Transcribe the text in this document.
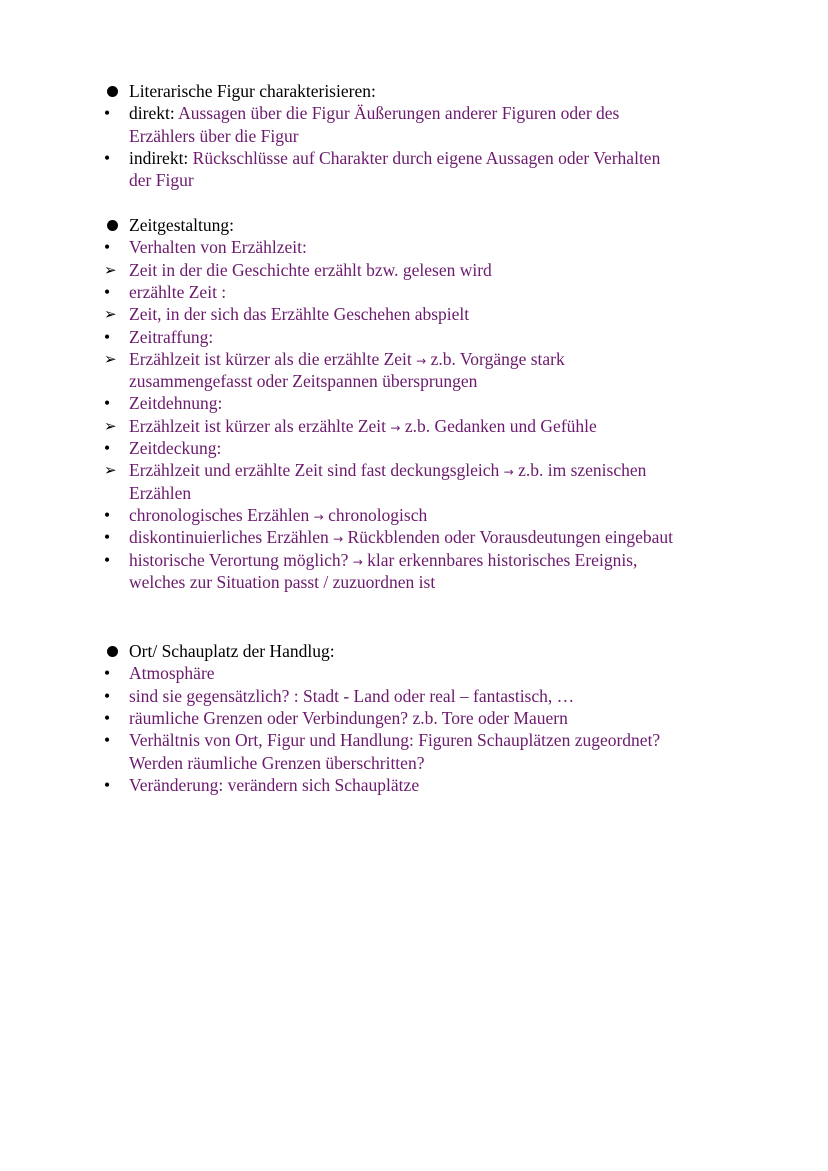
Literarische Figur charakterisieren:
•	direkt: Aussagen über die Figur Äußerungen anderer Figuren oder des
Erzählers über die Figur
•	indirekt: Rückschlüsse auf Charakter durch eigene Aussagen oder Verhalten
der Figur
Zeitgestaltung:
•	Verhalten von Erzählzeit:
➢ Zeit in der die Geschichte erzählt bzw. gelesen wird
•	erzählte Zeit :
➢ Zeit, in der sich das Erzählte Geschehen abspielt
•	Zeitraffung:
➢ Erzählzeit ist kürzer als die erzählte Zeit → z.b. Vorgänge stark
zusammengefasst oder Zeitspannen übersprungen
•	Zeitdehnung:
➢ Erzählzeit ist kürzer als erzählte Zeit → z.b. Gedanken und Gefühle
•	Zeitdeckung:
➢ Erzählzeit und erzählte Zeit sind fast deckungsgleich → z.b. im szenischen
Erzählen
•	chronologisches Erzählen → chronologisch
•	diskontinuierliches Erzählen → Rückblenden oder Vorausdeutungen eingebaut
•	historische Verortung möglich? → klar erkennbares historisches Ereignis,
welches zur Situation passt / zuzuordnen ist
Ort/ Schauplatz der Handlug:
•	Atmosphäre
•	sind sie gegensätzlich? : Stadt - Land oder real – fantastisch, …
•	räumliche Grenzen oder Verbindungen? z.b. Tore oder Mauern
•	Verhältnis von Ort, Figur und Handlung: Figuren Schauplätzen zugeordnet?
Werden räumliche Grenzen überschritten?
•	Veränderung: verändern sich Schauplätze
